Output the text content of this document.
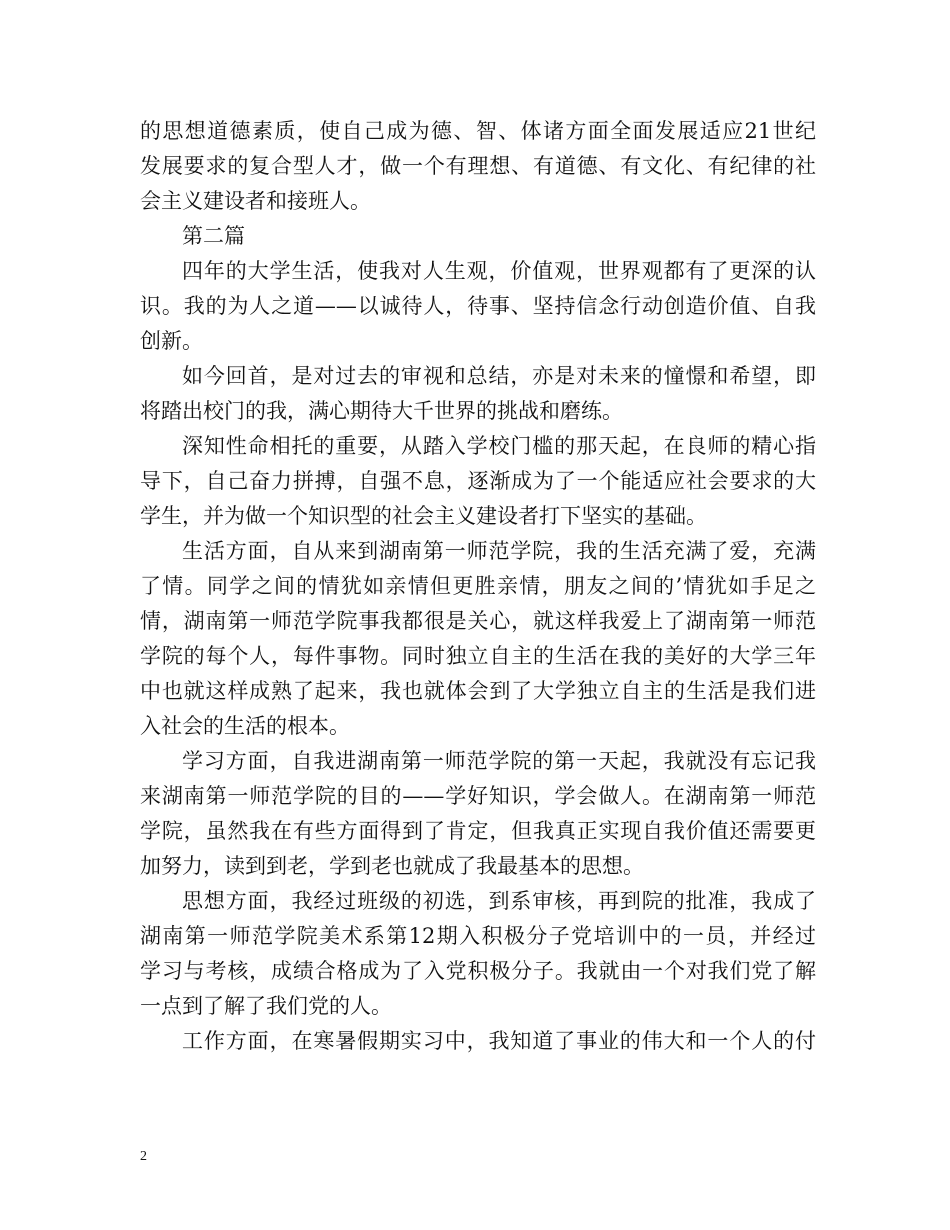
的思想道德素质，使自己成为德、智、体诸方面全面发展适应21世纪
发展要求的复合型人才，做一个有理想、有道德、有文化、有纪律的社
会主义建设者和接班人。
第二篇
四年的大学生活，使我对人生观，价值观，世界观都有了更深的认
识。我的为人之道——以诚待人，待事、坚持信念行动创造价值、自我
创新。
如今回首，是对过去的审视和总结，亦是对未来的憧憬和希望，即
将踏出校门的我，满心期待大千世界的挑战和磨练。
深知性命相托的重要，从踏入学校门槛的那天起，在良师的精心指
导下，自己奋力拼搏，自强不息，逐渐成为了一个能适应社会要求的大
学生，并为做一个知识型的社会主义建设者打下坚实的基础。
生活方面，自从来到湖南第一师范学院，我的生活充满了爱，充满
了情。同学之间的情犹如亲情但更胜亲情，朋友之间的’情犹如手足之
情，湖南第一师范学院事我都很是关心，就这样我爱上了湖南第一师范
学院的每个人，每件事物。同时独立自主的生活在我的美好的大学三年
中也就这样成熟了起来，我也就体会到了大学独立自主的生活是我们进
入社会的生活的根本。
学习方面，自我进湖南第一师范学院的第一天起，我就没有忘记我
来湖南第一师范学院的目的——学好知识，学会做人。在湖南第一师范
学院，虽然我在有些方面得到了肯定，但我真正实现自我价值还需要更
加努力，读到到老，学到老也就成了我最基本的思想。
思想方面，我经过班级的初选，到系审核，再到院的批准，我成了
湖南第一师范学院美术系第12期入积极分子党培训中的一员，并经过
学习与考核，成绩合格成为了入党积极分子。我就由一个对我们党了解
一点到了解了我们党的人。
工作方面，在寒暑假期实习中，我知道了事业的伟大和一个人的付
2
